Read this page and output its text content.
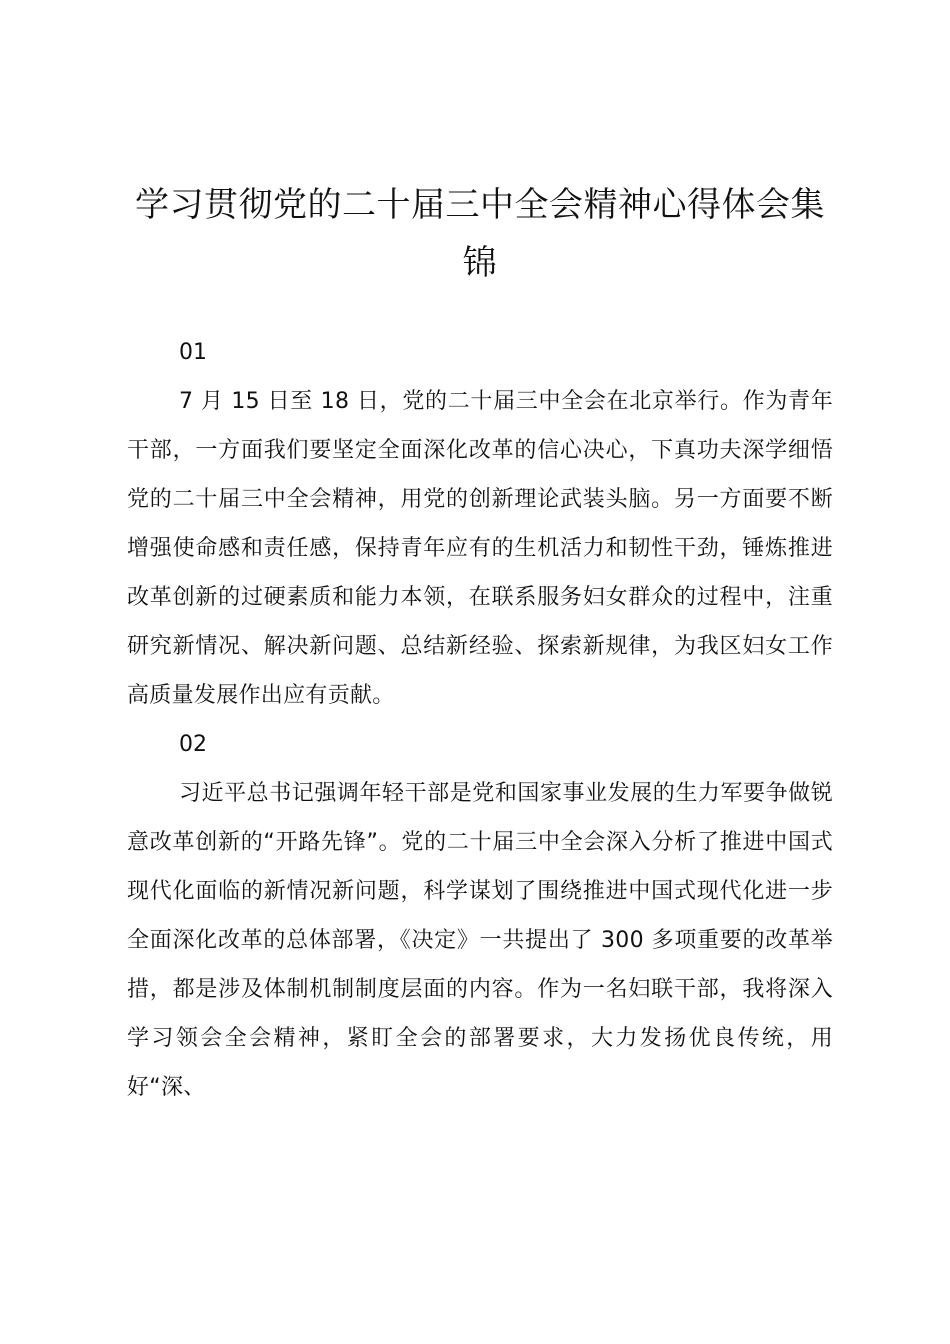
学习贯彻党的二十届三中全会精神心得体会集锦

01

7 月 15 日至 18 日，党的二十届三中全会在北京举行。作为青年干部，一方面我们要坚定全面深化改革的信心决心，下真功夫深学细悟党的二十届三中全会精神，用党的创新理论武装头脑。另一方面要不断增强使命感和责任感，保持青年应有的生机活力和韧性干劲，锤炼推进改革创新的过硬素质和能力本领，在联系服务妇女群众的过程中，注重研究新情况、解决新问题、总结新经验、探索新规律，为我区妇女工作高质量发展作出应有贡献。

02

习近平总书记强调年轻干部是党和国家事业发展的生力军要争做锐意改革创新的“开路先锋”。党的二十届三中全会深入分析了推进中国式现代化面临的新情况新问题，科学谋划了围绕推进中国式现代化进一步全面深化改革的总体部署，《决定》一共提出了 300 多项重要的改革举措，都是涉及体制机制制度层面的内容。作为一名妇联干部，我将深入学习领会全会精神，紧盯全会的部署要求，大力发扬优良传统，用好“深、
